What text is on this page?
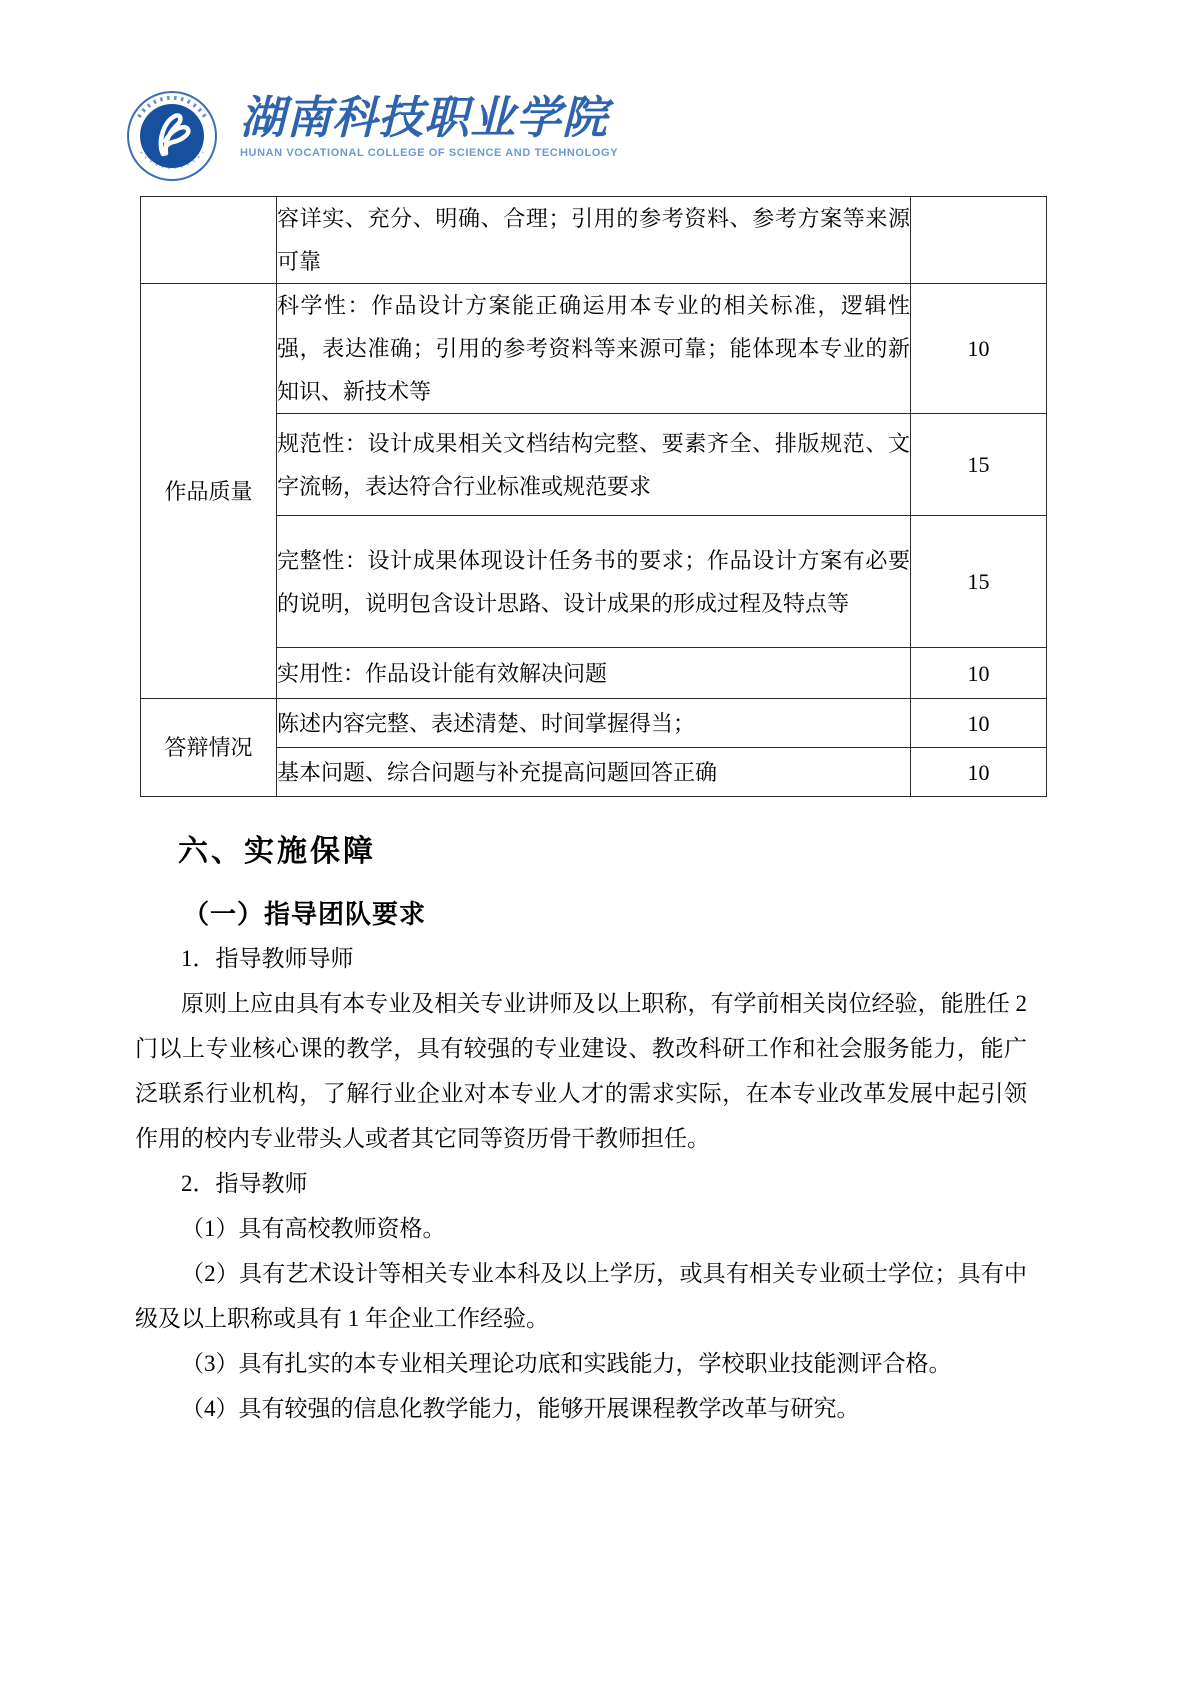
湖南科技职业学院
HUNAN VOCATIONAL COLLEGE OF SCIENCE AND TECHNOLOGY
	容详实、充分、明确、合理；引用的参考资料、参考方案等来源可靠	
作品质量	科学性：作品设计方案能正确运用本专业的相关标准，逻辑性强，表达准确；引用的参考资料等来源可靠；能体现本专业的新知识、新技术等	10
	规范性：设计成果相关文档结构完整、要素齐全、排版规范、文字流畅，表达符合行业标准或规范要求	15
	完整性：设计成果体现设计任务书的要求；作品设计方案有必要的说明，说明包含设计思路、设计成果的形成过程及特点等	15
	实用性：作品设计能有效解决问题	10
答辩情况	陈述内容完整、表述清楚、时间掌握得当；	10
	基本问题、综合问题与补充提高问题回答正确	10
六、实施保障
（一）指导团队要求

1．指导教师导师

原则上应由具有本专业及相关专业讲师及以上职称，有学前相关岗位经验，能胜任 2 门以上专业核心课的教学，具有较强的专业建设、教改科研工作和社会服务能力，能广泛联系行业机构，了解行业企业对本专业人才的需求实际，在本专业改革发展中起引领作用的校内专业带头人或者其它同等资历骨干教师担任。

2．指导教师

（1）具有高校教师资格。

（2）具有艺术设计等相关专业本科及以上学历，或具有相关专业硕士学位；具有中级及以上职称或具有 1 年企业工作经验。

（3）具有扎实的本专业相关理论功底和实践能力，学校职业技能测评合格。

（4）具有较强的信息化教学能力，能够开展课程教学改革与研究。
